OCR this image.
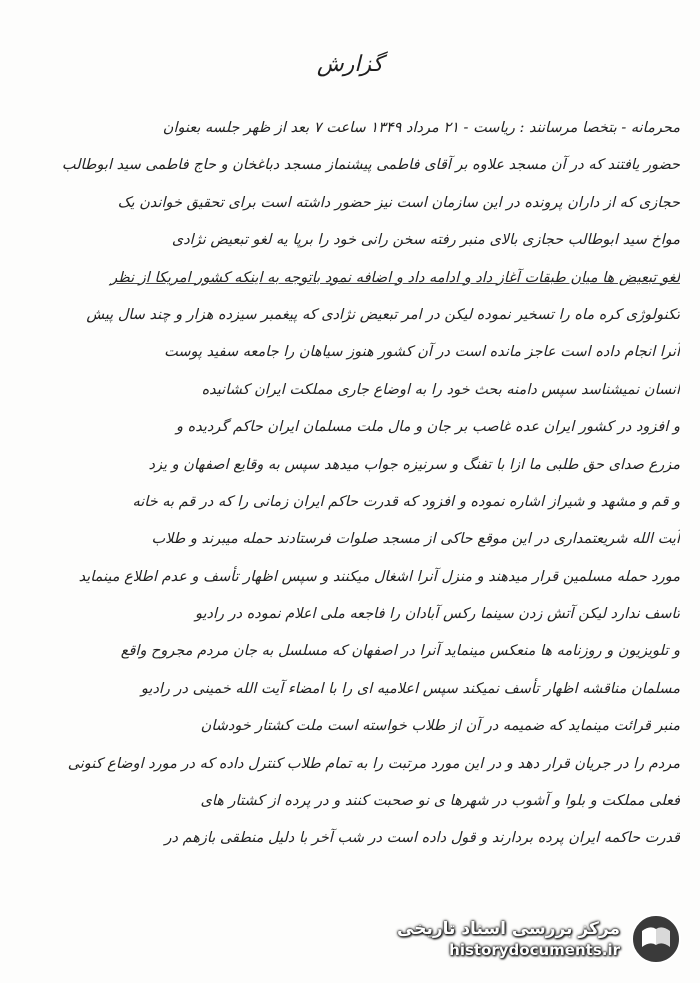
گزارش
محرمانه - بتخصا مرسانند : ریاست - ۲۱ مرداد ۱۳۴۹ ساعت ۷ بعد از ظهر جلسه بعنوان
حضور یافتند که در آن مسجد علاوه بر آقای فاطمی پیشنماز مسجد دباغخان و حاج فاطمی سید ابوطالب
حجازی که از داران پرونده در این سازمان است نیز حضور داشته است برای تحقیق خواندن یک
مواخ سید ابوطالب حجازی بالای منبر رفته سخن رانی خود را برپا یه لغو تبعیض نژادی
لغو تبعیض ها میان طبقات آغاز داد و ادامه داد و اضافه نمود باتوجه به اینکه کشور امریکا از نظر
تکنولوژی کره ماه را تسخیر نموده لیکن در امر تبعیض نژادی که پیغمبر سیزده هزار و چند سال پیش
آنرا انجام داده است عاجز مانده است در آن کشور هنوز سیاهان را جامعه سفید پوست
انسان نمیشناسد سپس دامنه بحث خود را به اوضاع جاری مملکت ایران کشانیده
و افزود در کشور ایران عده غاصب بر جان و مال ملت مسلمان ایران حاکم گردیده و
مزرع صدای حق طلبی ما ازا با تفنگ و سرنیزه جواب میدهد سپس به وقایع اصفهان و یزد
و قم و مشهد و شیراز اشاره نموده و افزود که قدرت حاکم ایران زمانی را که در قم به خانه
آیت الله شریعتمداری در این موقع حاکی از مسجد صلوات فرستادند حمله میبرند و طلاب
مورد حمله مسلمین قرار میدهند و منزل آنرا اشغال میکنند و سپس اظهار تأسف و عدم اطلاع مینماید
تاسف ندارد لیکن آتش زدن سینما رکس آبادان را فاجعه ملی اعلام نموده در رادیو
و تلویزیون و روزنامه ها منعکس مینماید آنرا در اصفهان که مسلسل به جان مردم مجروح واقع
مسلمان مناقشه اظهار تأسف نمیکند سپس اعلامیه ای را با امضاء آیت الله خمینی در رادیو
منبر قرائت مینماید که ضمیمه در آن از طلاب خواسته است ملت کشتار خودشان
مردم را در جریان قرار دهد و در این مورد مرتبت را به تمام طلاب کنترل داده که در مورد اوضاع کنونی
فعلی مملکت و بلوا و آشوب در شهرها ی نو صحبت کنند و در پرده از کشتار های
قدرت حاکمه ایران پرده بردارند و قول داده است در شب آخر با دلیل منطقی بازهم در
مرکز بررسی اسناد تاریخی
historydocuments.ir
